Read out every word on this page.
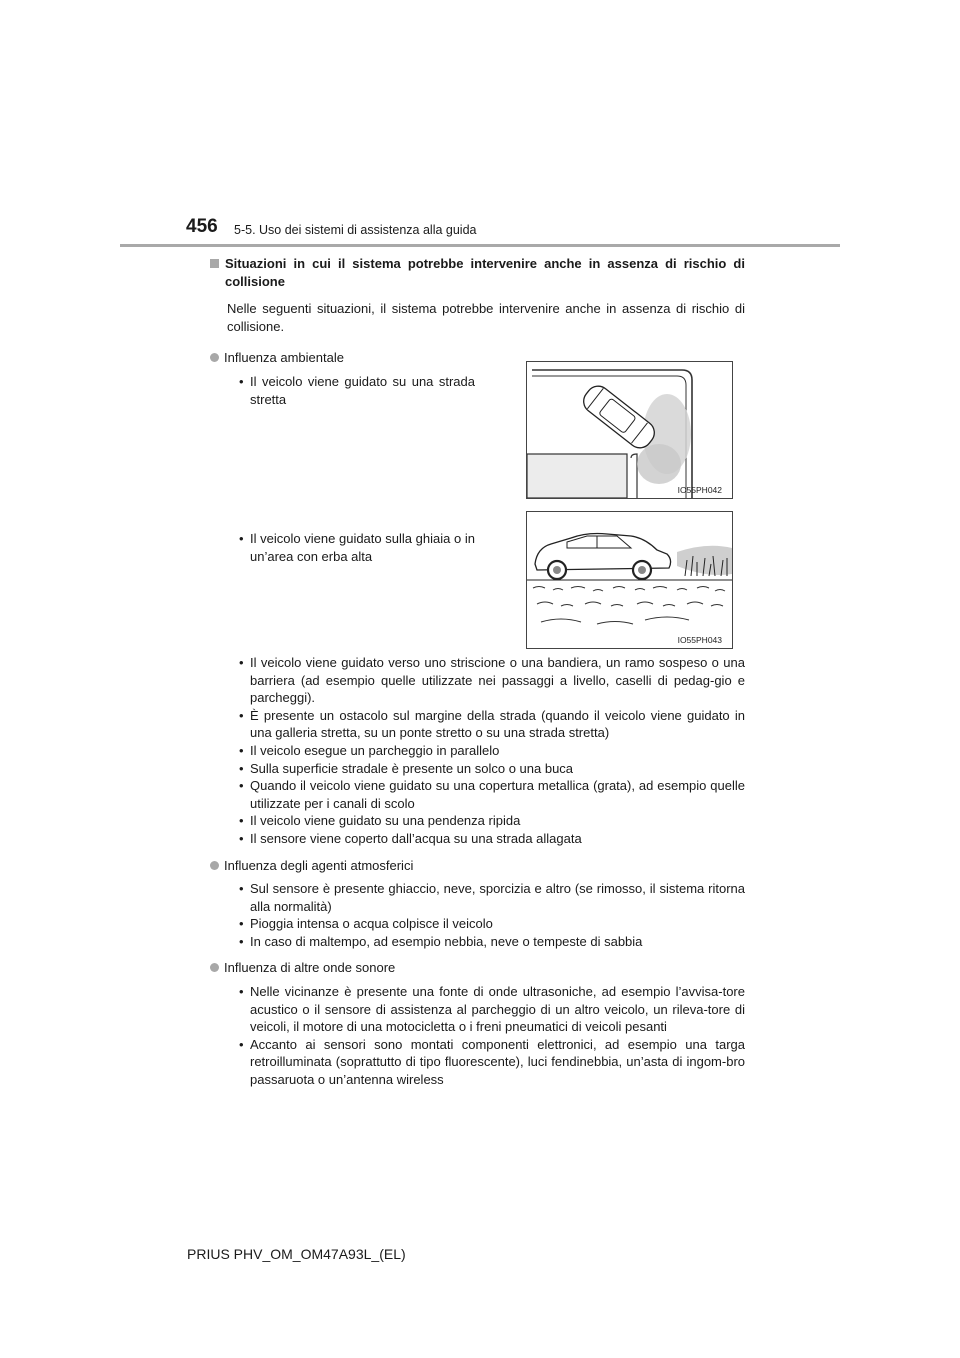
456 5-5. Uso dei sistemi di assistenza alla guida
Situazioni in cui il sistema potrebbe intervenire anche in assenza di rischio di collisione
Nelle seguenti situazioni, il sistema potrebbe intervenire anche in assenza di rischio di collisione.
Influenza ambientale
• Il veicolo viene guidato su una strada stretta
• Il veicolo viene guidato sulla ghiaia o in un’area con erba alta
• Il veicolo viene guidato verso uno striscione o una bandiera, un ramo sospeso o una barriera (ad esempio quelle utilizzate nei passaggi a livello, caselli di pedag-gio e parcheggi).
• È presente un ostacolo sul margine della strada (quando il veicolo viene guidato in una galleria stretta, su un ponte stretto o su una strada stretta)
• Il veicolo esegue un parcheggio in parallelo
• Sulla superficie stradale è presente un solco o una buca
• Quando il veicolo viene guidato su una copertura metallica (grata), ad esempio quelle utilizzate per i canali di scolo
• Il veicolo viene guidato su una pendenza ripida
• Il sensore viene coperto dall’acqua su una strada allagata
Influenza degli agenti atmosferici
• Sul sensore è presente ghiaccio, neve, sporcizia e altro (se rimosso, il sistema ritorna alla normalità)
• Pioggia intensa o acqua colpisce il veicolo
• In caso di maltempo, ad esempio nebbia, neve o tempeste di sabbia
Influenza di altre onde sonore
• Nelle vicinanze è presente una fonte di onde ultrasoniche, ad esempio l’avvisa-tore acustico o il sensore di assistenza al parcheggio di un altro veicolo, un rileva-tore di veicoli, il motore di una motocicletta o i freni pneumatici di veicoli pesanti
• Accanto ai sensori sono montati componenti elettronici, ad esempio una targa retroilluminata (soprattutto di tipo fluorescente), luci fendinebbia, un’asta di ingom-bro passaruota o un’antenna wireless
IO55PH042
IO55PH043
PRIUS PHV_OM_OM47A93L_(EL)
